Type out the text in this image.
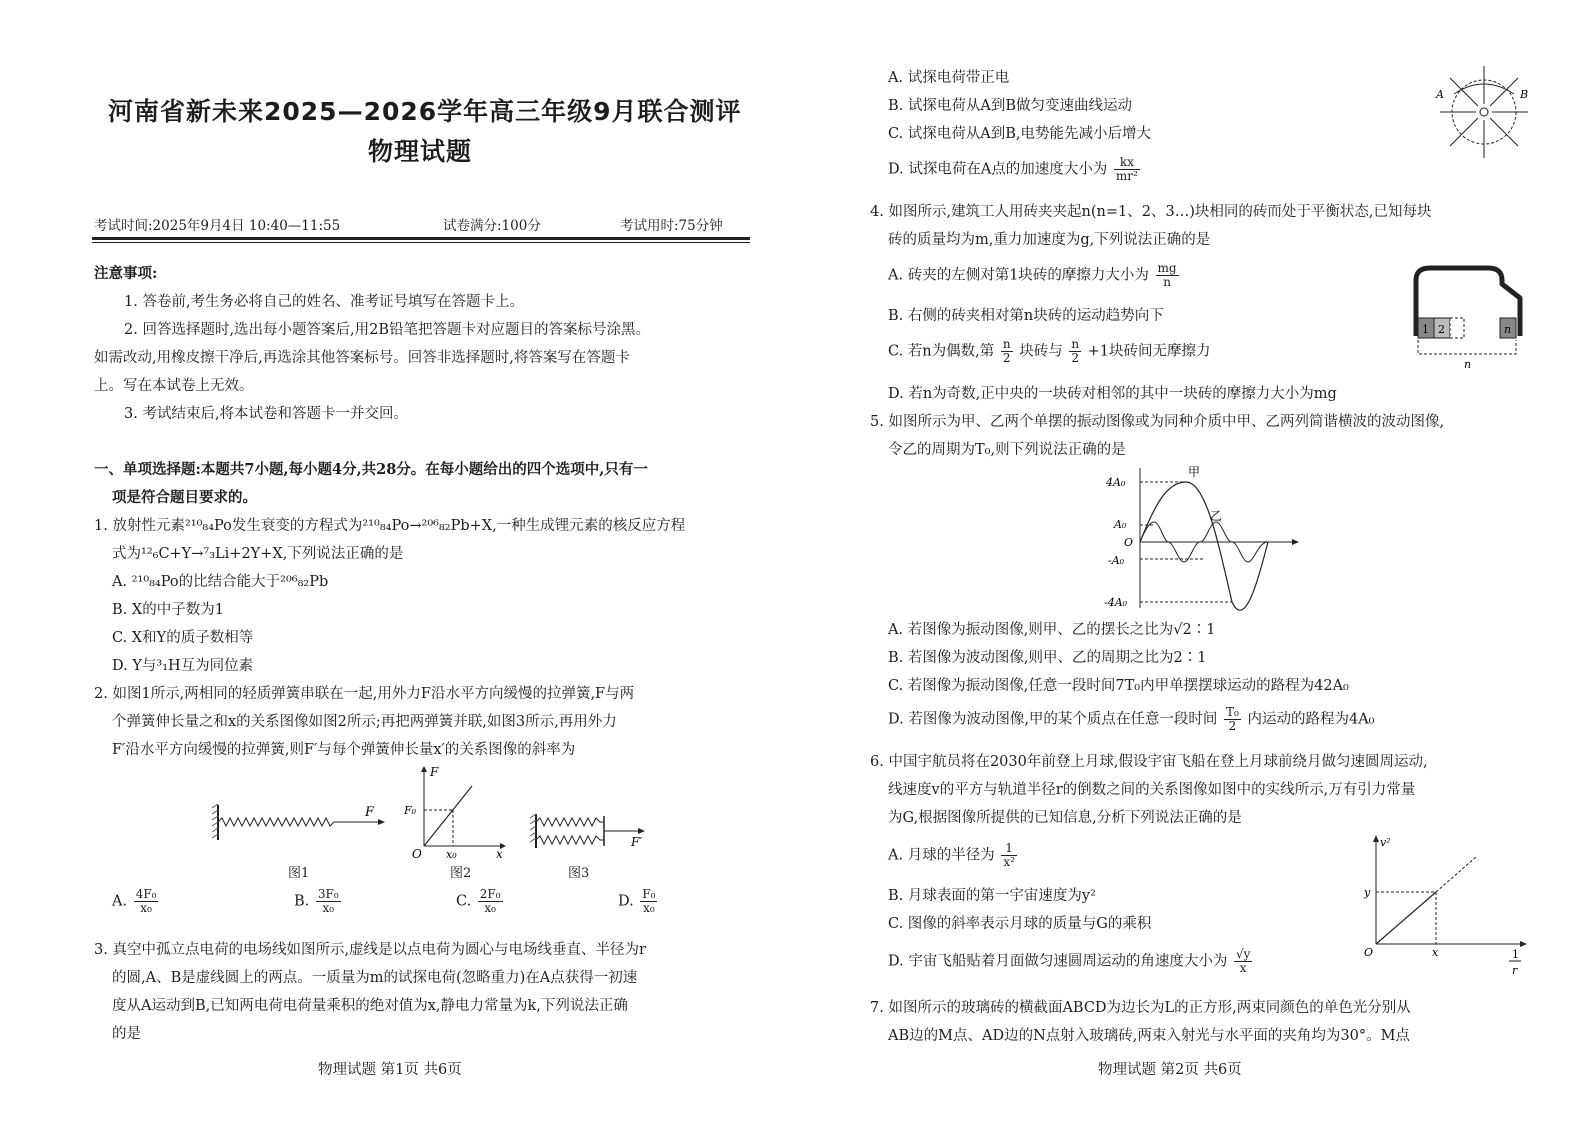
河南省新未来2025—2026学年高三年级9月联合测评
物理试题
考试时间:2025年9月4日 10:40—11:55	试卷满分:100分	考试用时:75分钟
注意事项:
1. 答卷前,考生务必将自己的姓名、准考证号填写在答题卡上。
2. 回答选择题时,选出每小题答案后,用2B铅笔把答题卡对应题目的答案标号涂黑。
如需改动,用橡皮擦干净后,再选涂其他答案标号。回答非选择题时,将答案写在答题卡
上。写在本试卷上无效。
3. 考试结束后,将本试卷和答题卡一并交回。
一、单项选择题:本题共7小题,每小题4分,共28分。在每小题给出的四个选项中,只有一
项是符合题目要求的。
1. 放射性元素²¹⁰₈₄Po发生衰变的方程式为²¹⁰₈₄Po→²⁰⁶₈₂Pb+X,一种生成锂元素的核反应方程
式为¹²₆C+Y→⁷₃Li+2Y+X,下列说法正确的是
A. ²¹⁰₈₄Po的比结合能大于²⁰⁶₈₂Pb
B. X的中子数为1
C. X和Y的质子数相等
D. Y与³₁H互为同位素
2. 如图1所示,两相同的轻质弹簧串联在一起,用外力F沿水平方向缓慢的拉弹簧,F与两
个弹簧伸长量之和x的关系图像如图2所示;再把两弹簧并联,如图3所示,再用外力
F′沿水平方向缓慢的拉弹簧,则F′与每个弹簧伸长量x′的关系图像的斜率为
F
图1
F
x
O
F₀
x₀
图2
F′
图3
A. $\frac{\text{4F₀}}{\text{x₀}}$	B. $\frac{\text{3F₀}}{\text{x₀}}$	C. $\frac{\text{2F₀}}{\text{x₀}}$	D. $\frac{\text{F₀}}{\text{x₀}}$
3. 真空中孤立点电荷的电场线如图所示,虚线是以点电荷为圆心与电场线垂直、半径为r
的圆,A、B是虚线圆上的两点。一质量为m的试探电荷(忽略重力)在A点获得一初速
度从A运动到B,已知两电荷电荷量乘积的绝对值为x,静电力常量为k,下列说法正确
的是
物理试题 第1页 共6页
A. 试探电荷带正电
B. 试探电荷从A到B做匀变速曲线运动
C. 试探电荷从A到B,电势能先减小后增大
D. 试探电荷在A点的加速度大小为 $\frac{kx}{\text{mr²}}$
A	B
4. 如图所示,建筑工人用砖夹夹起n(n=1、2、3…)块相同的砖而处于平衡状态,已知每块
砖的质量均为m,重力加速度为g,下列说法正确的是
A. 砖夹的左侧对第1块砖的摩擦力大小为 $\frac{mg}{n}$
B. 右侧的砖夹相对第n块砖的运动趋势向下
C. 若n为偶数,第 $\frac{n}{2}$ 块砖与 $\frac{n}{2} +1$块砖间无摩擦力
D. 若n为奇数,正中央的一块砖对相邻的其中一块砖的摩擦力大小为mg
1 2	n
n
5. 如图所示为甲、乙两个单摆的振动图像或为同种介质中甲、乙两列简谐横波的波动图像,
令乙的周期为T₀,则下列说法正确的是
4A₀
A₀
O
-A₀
-4A₀
甲
乙
A. 若图像为振动图像,则甲、乙的摆长之比为√2∶1
B. 若图像为波动图像,则甲、乙的周期之比为2∶1
C. 若图像为振动图像,任意一段时间7T₀内甲单摆摆球运动的路程为42A₀
D. 若图像为波动图像,甲的某个质点在任意一段时间 $\frac{\text{T₀}}{2}$ 内运动的路程为4A₀
6. 中国宇航员将在2030年前登上月球,假设宇宙飞船在登上月球前绕月做匀速圆周运动,
线速度v的平方与轨道半径r的倒数之间的关系图像如图中的实线所示,万有引力常量
为G,根据图像所提供的已知信息,分析下列说法正确的是
A. 月球的半径为 $\frac{1}{\text{x²}}$
B. 月球表面的第一宇宙速度为y²
C. 图像的斜率表示月球的质量与G的乘积
D. 宇宙飞船贴着月面做匀速圆周运动的角速度大小为 $\frac{√y}{x}$
v²
y
x
O	1
r
7. 如图所示的玻璃砖的横截面ABCD为边长为L的正方形,两束同颜色的单色光分别从
AB边的M点、AD边的N点射入玻璃砖,两束入射光与水平面的夹角均为30°。M点
物理试题 第2页 共6页
